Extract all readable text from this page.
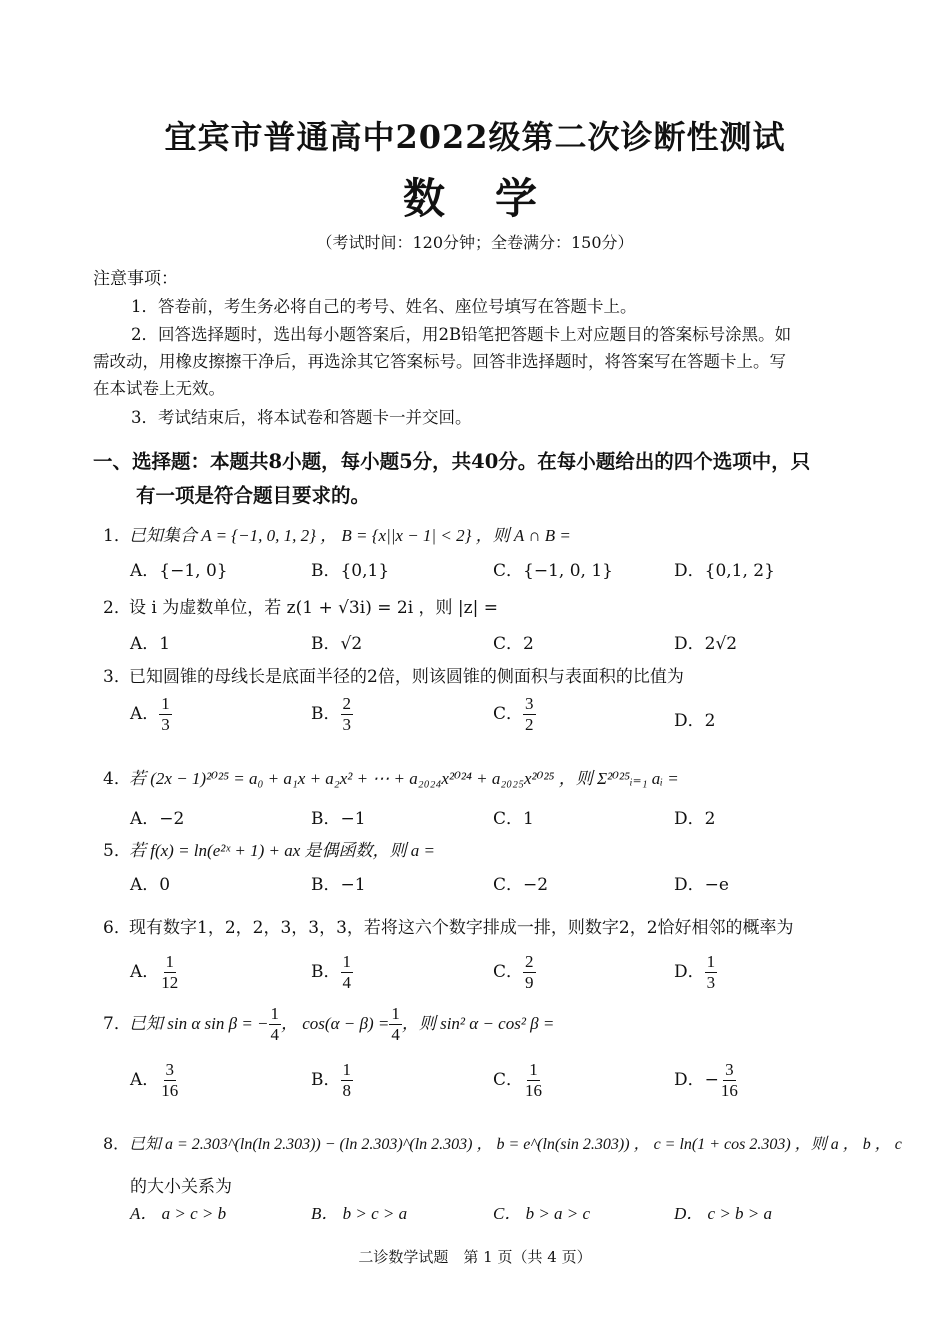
宜宾市普通高中2022级第二次诊断性测试
数学
（考试时间：120分钟；全卷满分：150分）
注意事项：
1．答卷前，考生务必将自己的考号、姓名、座位号填写在答题卡上。
2．回答选择题时，选出每小题答案后，用2B铅笔把答题卡上对应题目的答案标号涂黑。如
需改动，用橡皮擦擦干净后，再选涂其它答案标号。回答非选择题时，将答案写在答题卡上。写
在本试卷上无效。
3．考试结束后，将本试卷和答题卡一并交回。
一、选择题：本题共8小题，每小题5分，共40分。在每小题给出的四个选项中，只
有一项是符合题目要求的。
1．已知集合 A = {−1, 0, 1, 2} ， B = {x||x − 1| < 2} ，则 A ∩ B =
A．{−1, 0}	B．{0,1}	C．{−1, 0, 1}	D．{0,1, 2}
2．设 i 为虚数单位，若 z(1 + √3i) = 2i ，则 |z| =
A．1	B．√2	C．2	D．2√2
3．已知圆锥的母线长是底面半径的2倍，则该圆锥的侧面积与表面积的比值为
A． $\frac{1}{3}$	B． $\frac{2}{3}$	C． $\frac{3}{2}$	D．2
4．若 (2x − 1)²⁰²⁵ = a₀ + a₁x + a₂x² + ⋯ + a₂₀₂₄x²⁰²⁴ + a₂₀₂₅x²⁰²⁵ ，则 Σ²⁰²⁵ᵢ₌₁ aᵢ =
A．−2	B．−1	C．1	D．2
5．若 f(x) = ln(e²ˣ + 1) + ax 是偶函数，则 a =
A．0	B．−1	C．−2	D．−e
6．现有数字1，2，2，3，3，3，若将这六个数字排成一排，则数字2，2恰好相邻的概率为
A． $\frac{1}{12}$	B． $\frac{1}{4}$	C． $\frac{2}{9}$	D． $\frac{1}{3}$
7．已知 sin α sin β = − $\frac{1}{4}$ ， $\cos(\alpha - \beta) = \frac{1}{4}$ ，则 sin² α − cos² β =
A． $\frac{3}{16}$	B． $\frac{1}{8}$	C． $\frac{1}{16}$	D．− $\frac{3}{16}$
8．已知 a = 2.303^(ln(ln 2.303)) − (ln 2.303)^(ln 2.303) ， b = e^(ln(sin 2.303)) ， c = ln(1 + cos 2.303) ，则 a ， b ， c
的大小关系为
A． a > c > b	B． b > c > a	C． b > a > c	D． c > b > a
二诊数学试题　第 1 页（共 4 页）
